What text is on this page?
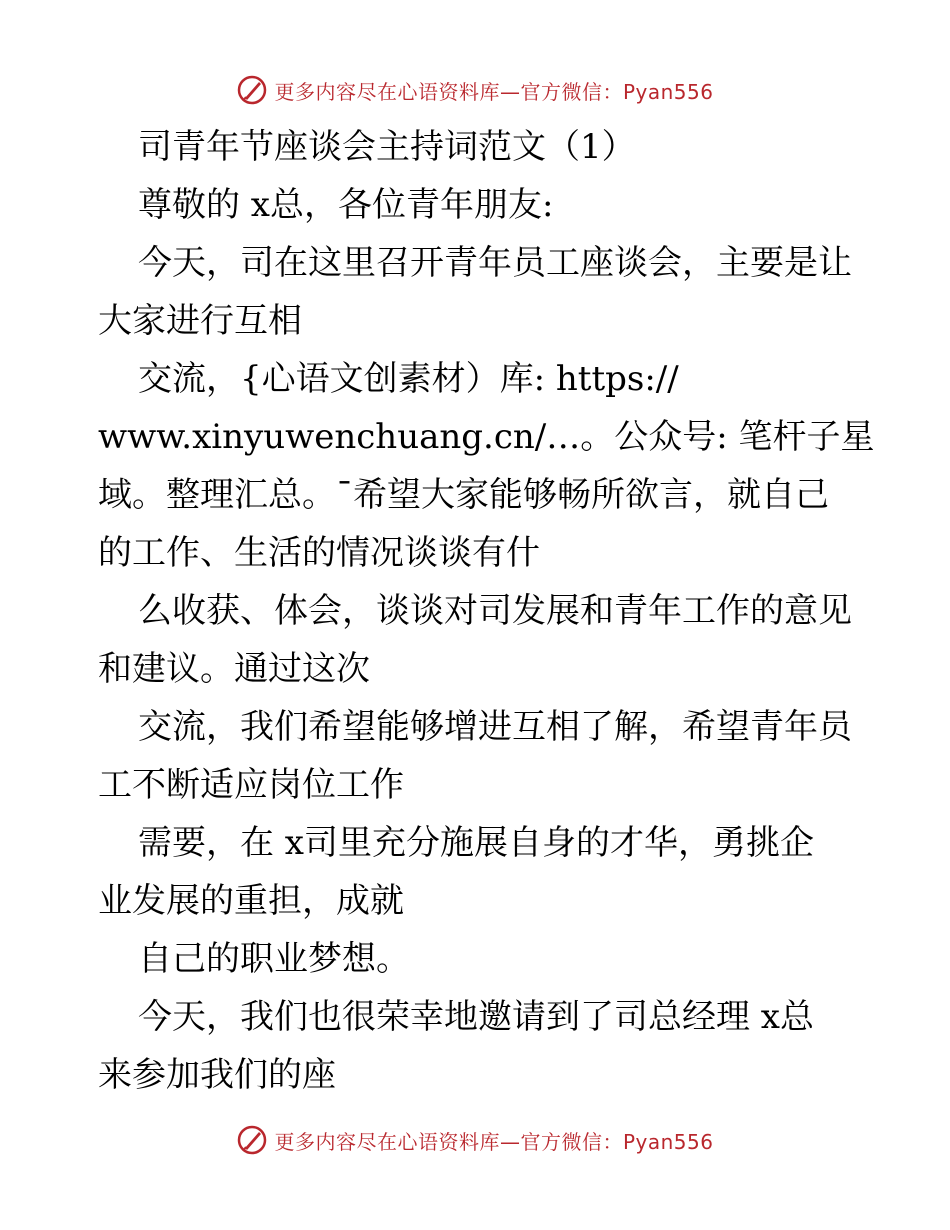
更多内容尽在心语资料库—官方微信：Pyan556
司青年节座谈会主持词范文（1）
尊敬的 x总，各位青年朋友:
今天，司在这里召开青年员工座谈会，主要是让
大家进行互相
交流，{心语文创素材）库: https://
www.xinyuwenchuang.cn/…。公众号: 笔杆子星
域。整理汇总。¯希望大家能够畅所欲言，就自己
的工作、生活的情况谈谈有什
么收获、体会，谈谈对司发展和青年工作的意见
和建议。通过这次
交流，我们希望能够增进互相了解，希望青年员
工不断适应岗位工作
需要，在 x司里充分施展自身的才华，勇挑企
业发展的重担，成就
自己的职业梦想。
今天，我们也很荣幸地邀请到了司总经理 x总
来参加我们的座
更多内容尽在心语资料库—官方微信：Pyan556
